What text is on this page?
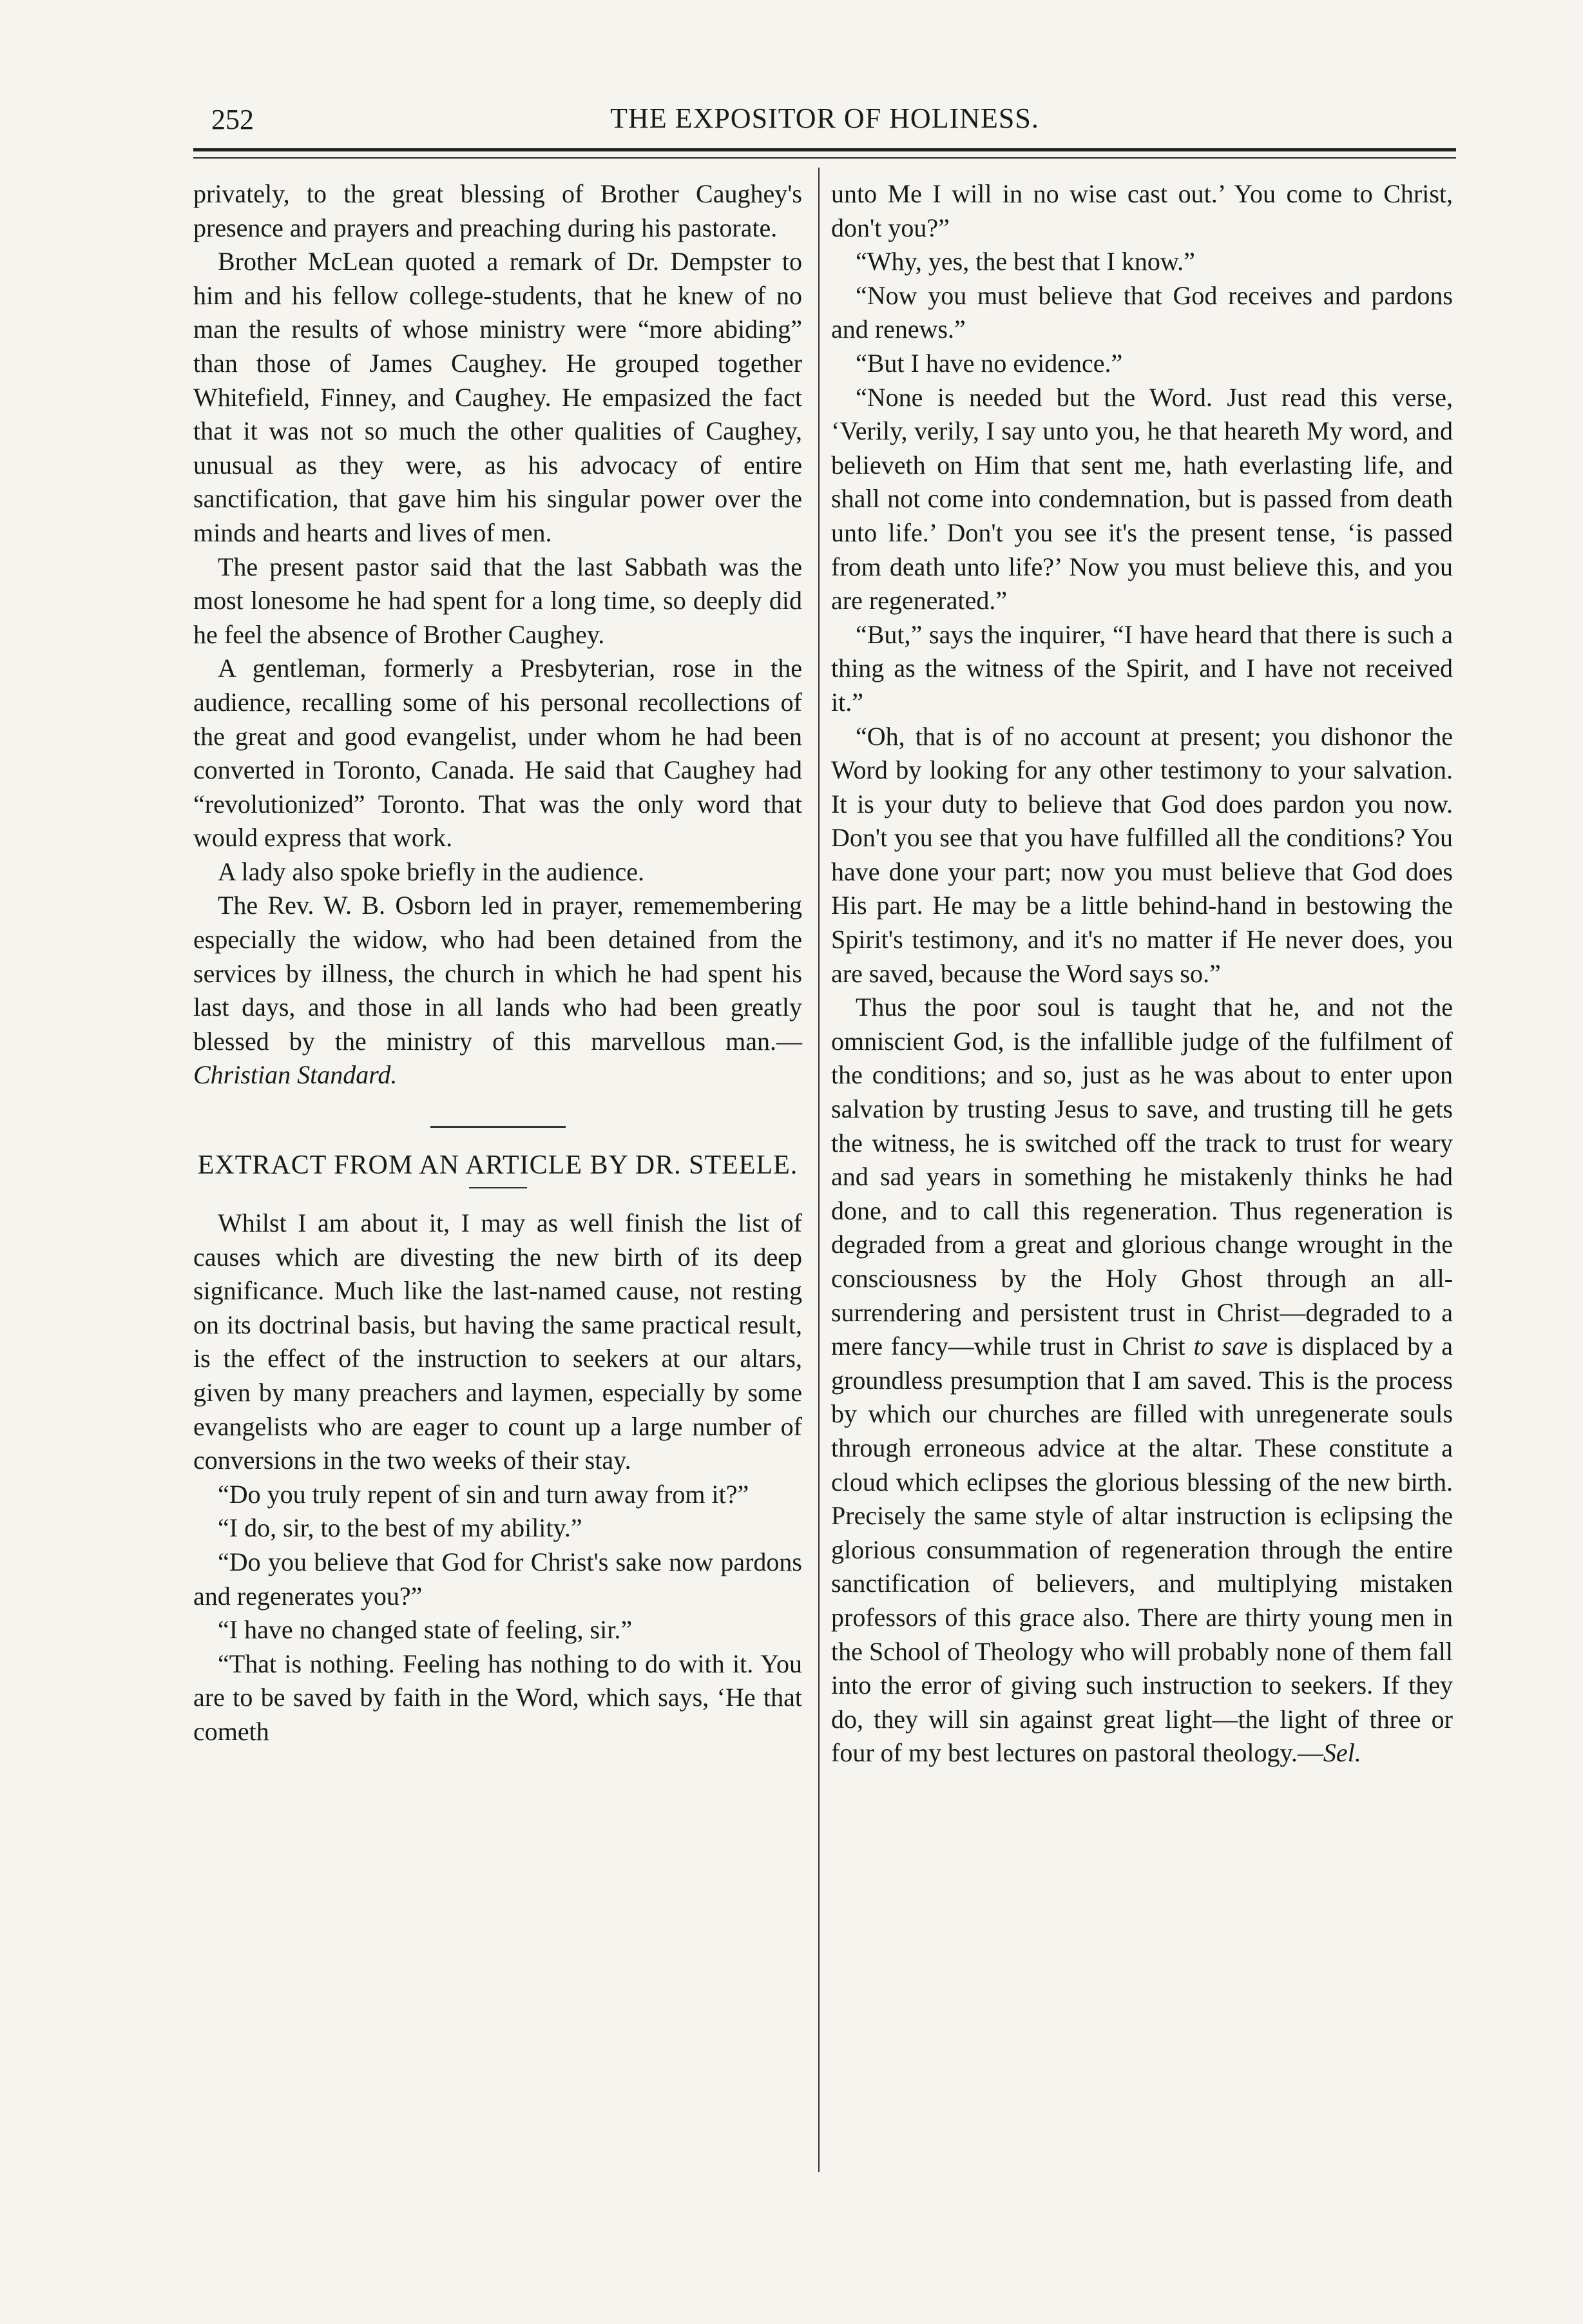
252	THE EXPOSITOR OF HOLINESS.

privately, to the great blessing of Brother Caughey's presence and prayers and preaching during his pastorate.

Brother McLean quoted a remark of Dr. Dempster to him and his fellow college-students, that he knew of no man the results of whose ministry were “more abiding” than those of James Caughey. He grouped together Whitefield, Finney, and Caughey. He empasized the fact that it was not so much the other qualities of Caughey, unusual as they were, as his advocacy of entire sanctification, that gave him his singular power over the minds and hearts and lives of men.

The present pastor said that the last Sabbath was the most lonesome he had spent for a long time, so deeply did he feel the absence of Brother Caughey.

A gentleman, formerly a Presbyterian, rose in the audience, recalling some of his personal recollections of the great and good evangelist, under whom he had been converted in Toronto, Canada. He said that Caughey had “revolutionized” Toronto. That was the only word that would express that work.

A lady also spoke briefly in the audience.

The Rev. W. B. Osborn led in prayer, rememembering especially the widow, who had been detained from the services by illness, the church in which he had spent his last days, and those in all lands who had been greatly blessed by the ministry of this marvellous man.—Christian Standard.

EXTRACT FROM AN ARTICLE BY DR. STEELE.

Whilst I am about it, I may as well finish the list of causes which are divesting the new birth of its deep significance. Much like the last-named cause, not resting on its doctrinal basis, but having the same practical result, is the effect of the instruction to seekers at our altars, given by many preachers and laymen, especially by some evangelists who are eager to count up a large number of conversions in the two weeks of their stay.

“Do you truly repent of sin and turn away from it?”

“I do, sir, to the best of my ability.”

“Do you believe that God for Christ's sake now pardons and regenerates you?”

“I have no changed state of feeling, sir.”

“That is nothing. Feeling has nothing to do with it. You are to be saved by faith in the Word, which says, ‘He that cometh

unto Me I will in no wise cast out.’ You come to Christ, don't you?”

“Why, yes, the best that I know.”

“Now you must believe that God receives and pardons and renews.”

“But I have no evidence.”

“None is needed but the Word. Just read this verse, ‘Verily, verily, I say unto you, he that heareth My word, and believeth on Him that sent me, hath everlasting life, and shall not come into condemnation, but is passed from death unto life.’ Don't you see it's the present tense, ‘is passed from death unto life?’ Now you must believe this, and you are regenerated.”

“But,” says the inquirer, “I have heard that there is such a thing as the witness of the Spirit, and I have not received it.”

“Oh, that is of no account at present; you dishonor the Word by looking for any other testimony to your salvation. It is your duty to believe that God does pardon you now. Don't you see that you have fulfilled all the conditions? You have done your part; now you must believe that God does His part. He may be a little behind-hand in bestowing the Spirit's testimony, and it's no matter if He never does, you are saved, because the Word says so.”

Thus the poor soul is taught that he, and not the omniscient God, is the infallible judge of the fulfilment of the conditions; and so, just as he was about to enter upon salvation by trusting Jesus to save, and trusting till he gets the witness, he is switched off the track to trust for weary and sad years in something he mistakenly thinks he had done, and to call this regeneration. Thus regeneration is degraded from a great and glorious change wrought in the consciousness by the Holy Ghost through an all-surrendering and persistent trust in Christ—degraded to a mere fancy—while trust in Christ to save is displaced by a groundless presumption that I am saved. This is the process by which our churches are filled with unregenerate souls through erroneous advice at the altar. These constitute a cloud which eclipses the glorious blessing of the new birth. Precisely the same style of altar instruction is eclipsing the glorious consummation of regeneration through the entire sanctification of believers, and multiplying mistaken professors of this grace also. There are thirty young men in the School of Theology who will probably none of them fall into the error of giving such instruction to seekers. If they do, they will sin against great light—the light of three or four of my best lectures on pastoral theology.—Sel.
